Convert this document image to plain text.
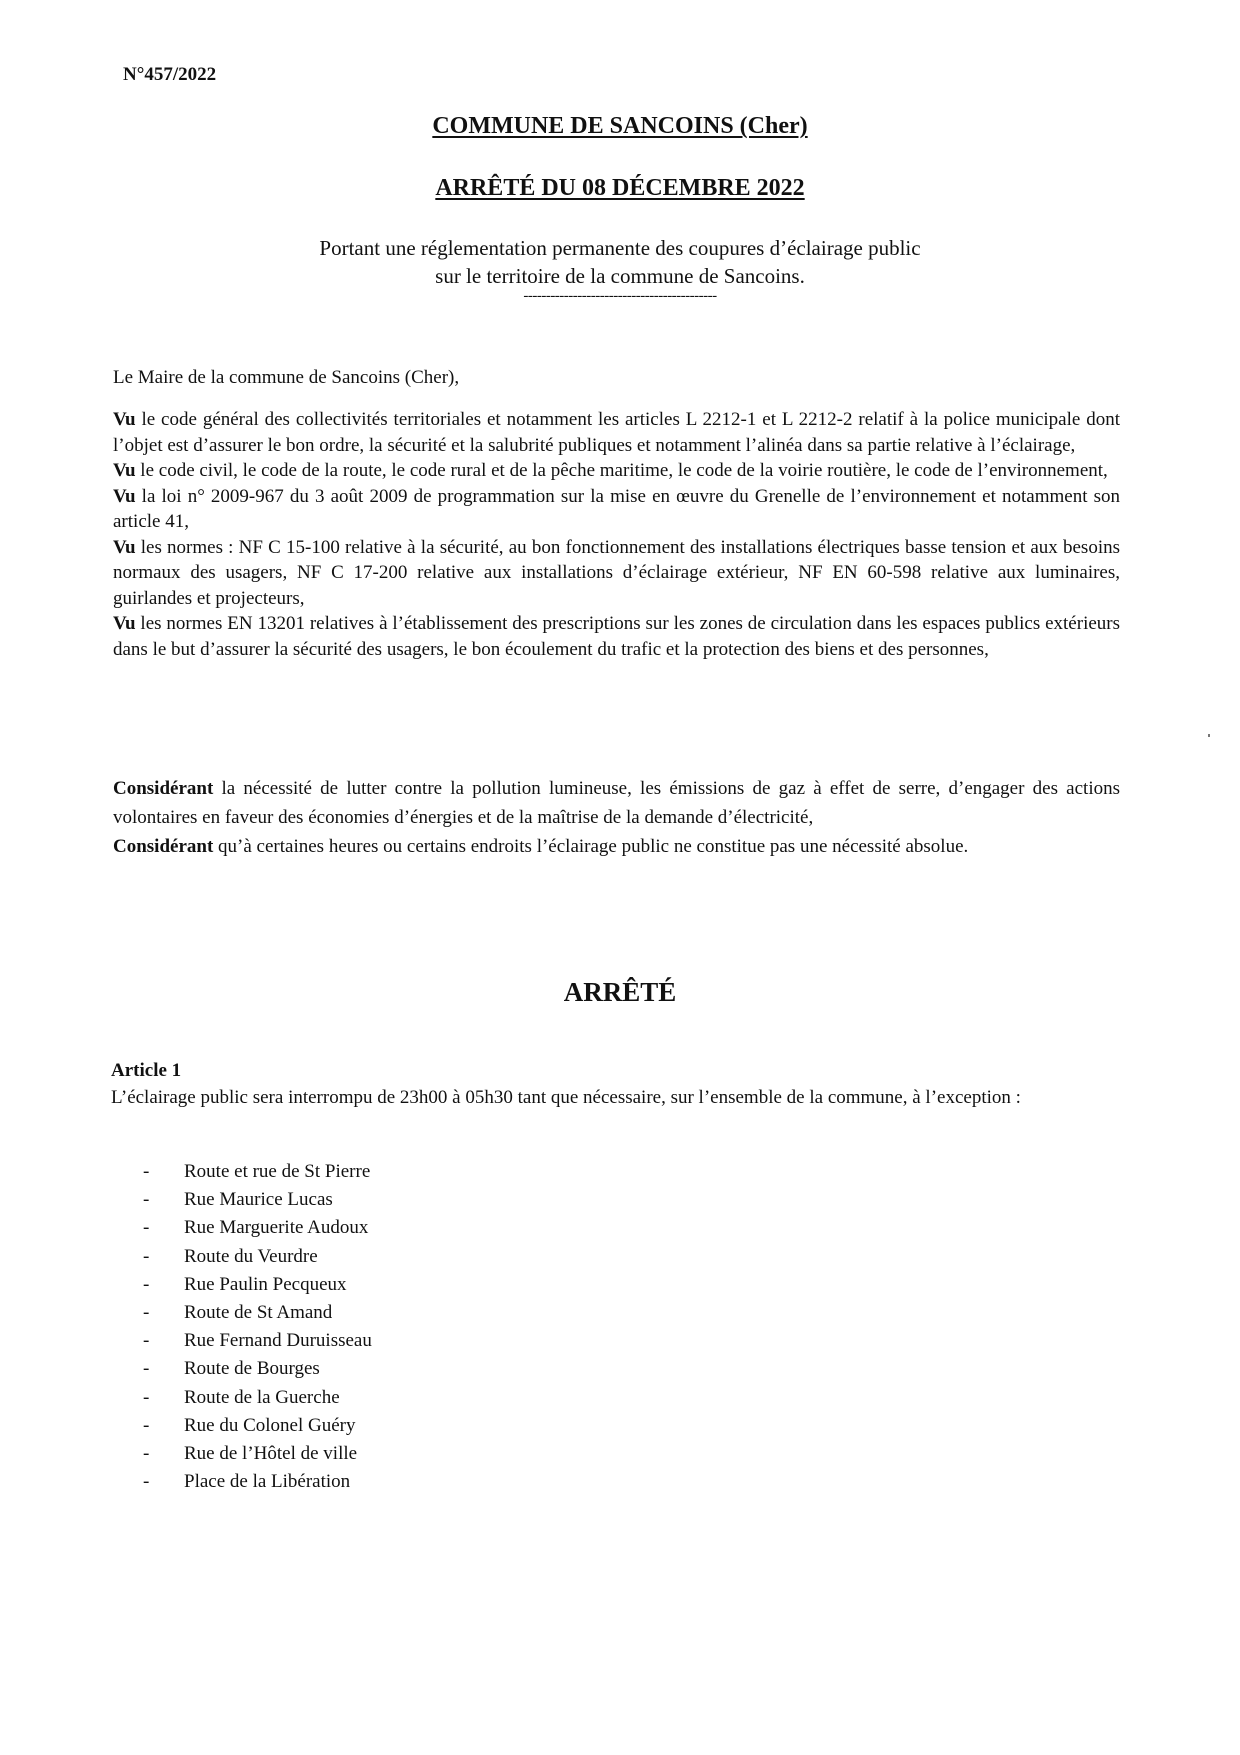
N°457/2022
COMMUNE DE SANCOINS (Cher)
ARRÊTÉ DU 08 DÉCEMBRE 2022
Portant une réglementation permanente des coupures d’éclairage public
sur le territoire de la commune de Sancoins.
-------------------------------------------
Le Maire de la commune de Sancoins (Cher),

Vu le code général des collectivités territoriales et notamment les articles L 2212-1 et L 2212-2 relatif à la police municipale dont l’objet est d’assurer le bon ordre, la sécurité et la salubrité publiques et notamment l’alinéa dans sa partie relative à l’éclairage,

Vu le code civil, le code de la route, le code rural et de la pêche maritime, le code de la voirie routière, le code de l’environnement,

Vu la loi n° 2009-967 du 3 août 2009 de programmation sur la mise en œuvre du Grenelle de l’environnement et notamment son article 41,

Vu les normes : NF C 15-100 relative à la sécurité, au bon fonctionnement des installations électriques basse tension et aux besoins normaux des usagers, NF C 17-200 relative aux installations d’éclairage extérieur, NF EN 60-598 relative aux luminaires, guirlandes et projecteurs,

Vu les normes EN 13201 relatives à l’établissement des prescriptions sur les zones de circulation dans les espaces publics extérieurs dans le but d’assurer la sécurité des usagers, le bon écoulement du trafic et la protection des biens et des personnes,

Considérant la nécessité de lutter contre la pollution lumineuse, les émissions de gaz à effet de serre, d’engager des actions volontaires en faveur des économies d’énergies et de la maîtrise de la demande d’électricité,

Considérant qu’à certaines heures ou certains endroits l’éclairage public ne constitue pas une nécessité absolue.

ARRÊTÉ
Article 1
L’éclairage public sera interrompu de 23h00 à 05h30 tant que nécessaire, sur l’ensemble de la commune, à l’exception :
- Route et rue de St Pierre
- Rue Maurice Lucas
- Rue Marguerite Audoux
- Route du Veurdre
- Rue Paulin Pecqueux
- Route de St Amand
- Rue Fernand Duruisseau
- Route de Bourges
- Route de la Guerche
- Rue du Colonel Guéry
- Rue de l’Hôtel de ville
- Place de la Libération
